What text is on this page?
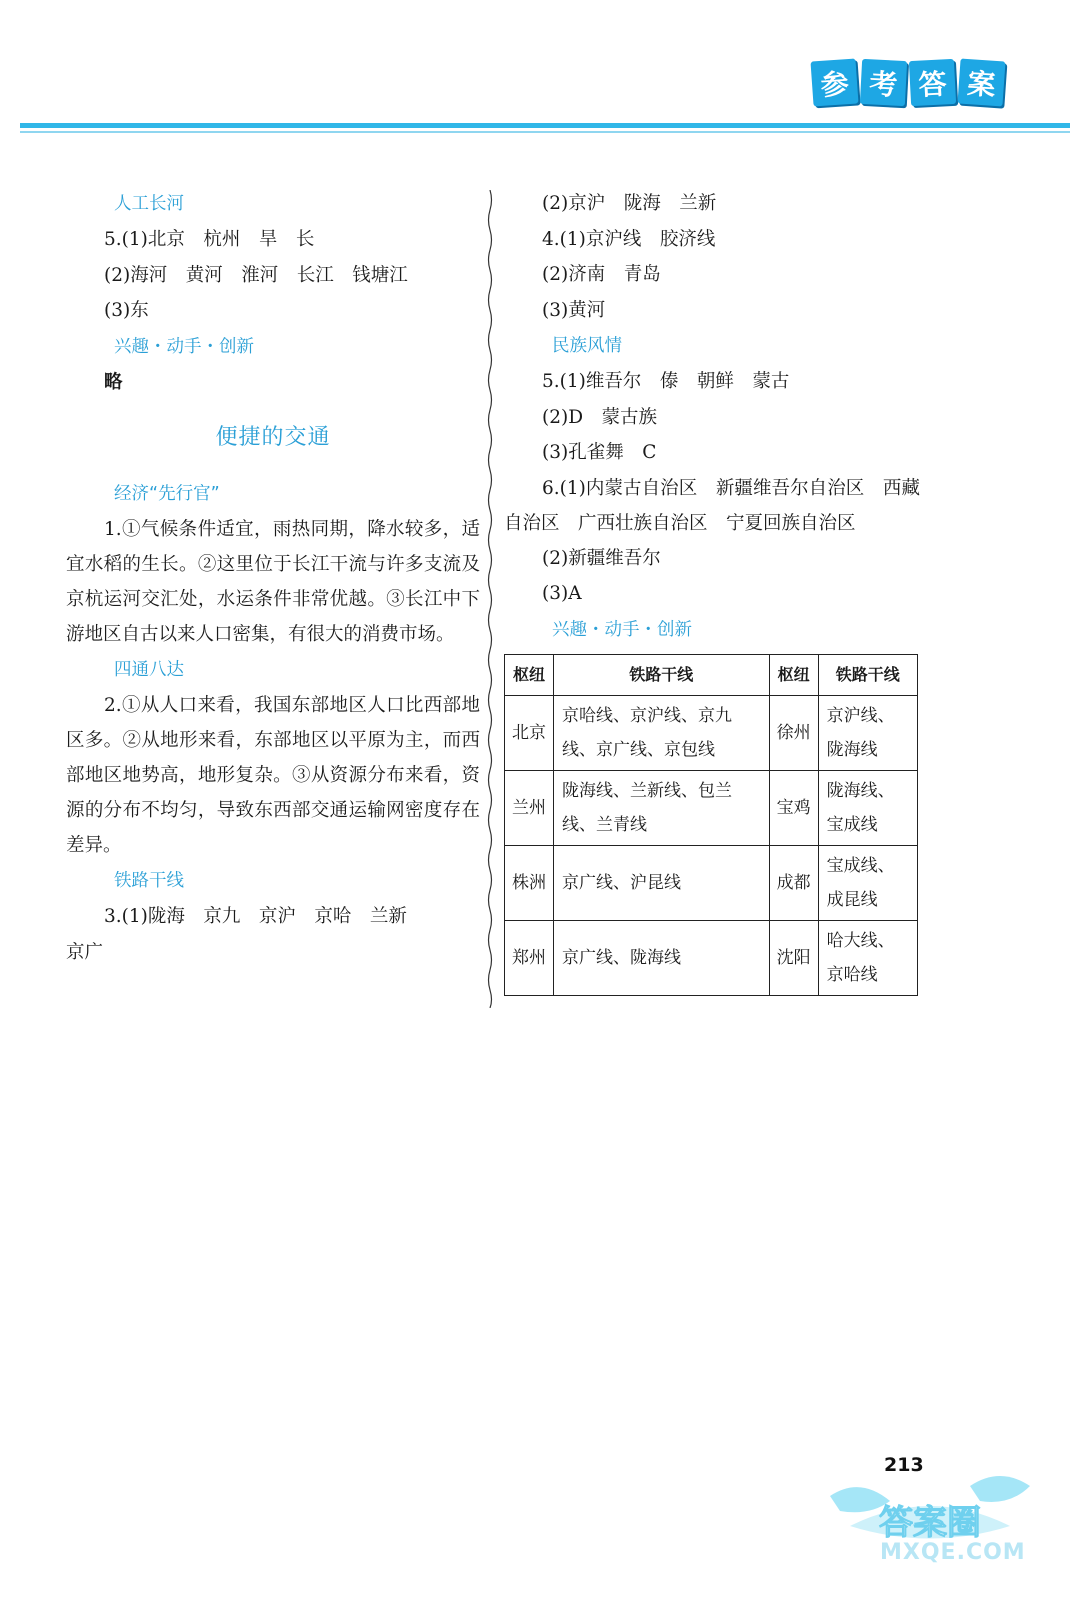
参 考 答 案
人工长河
5.(1)北京　杭州　旱　长
(2)海河　黄河　淮河　长江　钱塘江
(3)东
兴趣・动手・创新
略
便捷的交通
经济“先行官”
1.①气候条件适宜，雨热同期，降水较多，适宜水稻的生长。②这里位于长江干流与许多支流及京杭运河交汇处，水运条件非常优越。③长江中下游地区自古以来人口密集，有很大的消费市场。
四通八达
2.①从人口来看，我国东部地区人口比西部地区多。②从地形来看，东部地区以平原为主，而西部地区地势高，地形复杂。③从资源分布来看，资源的分布不均匀，导致东西部交通运输网密度存在差异。
铁路干线
3.(1)陇海　京九　京沪　京哈　兰新
京广
(2)京沪　陇海　兰新
4.(1)京沪线　胶济线
(2)济南　青岛
(3)黄河
民族风情
5.(1)维吾尔　傣　朝鲜　蒙古
(2)D　蒙古族
(3)孔雀舞　C
6.(1)内蒙古自治区　新疆维吾尔自治区　西藏自治区　广西壮族自治区　宁夏回族自治区
(2)新疆维吾尔
(3)A
兴趣・动手・创新
枢纽	铁路干线	枢纽	铁路干线
北京	京哈线、京沪线、京九线、京广线、京包线	徐州	京沪线、陇海线
兰州	陇海线、兰新线、包兰线、兰青线	宝鸡	陇海线、宝成线
株洲	京广线、沪昆线	成都	宝成线、成昆线
郑州	京广线、陇海线	沈阳	哈大线、京哈线
答案圈
213
MXQE.COM
